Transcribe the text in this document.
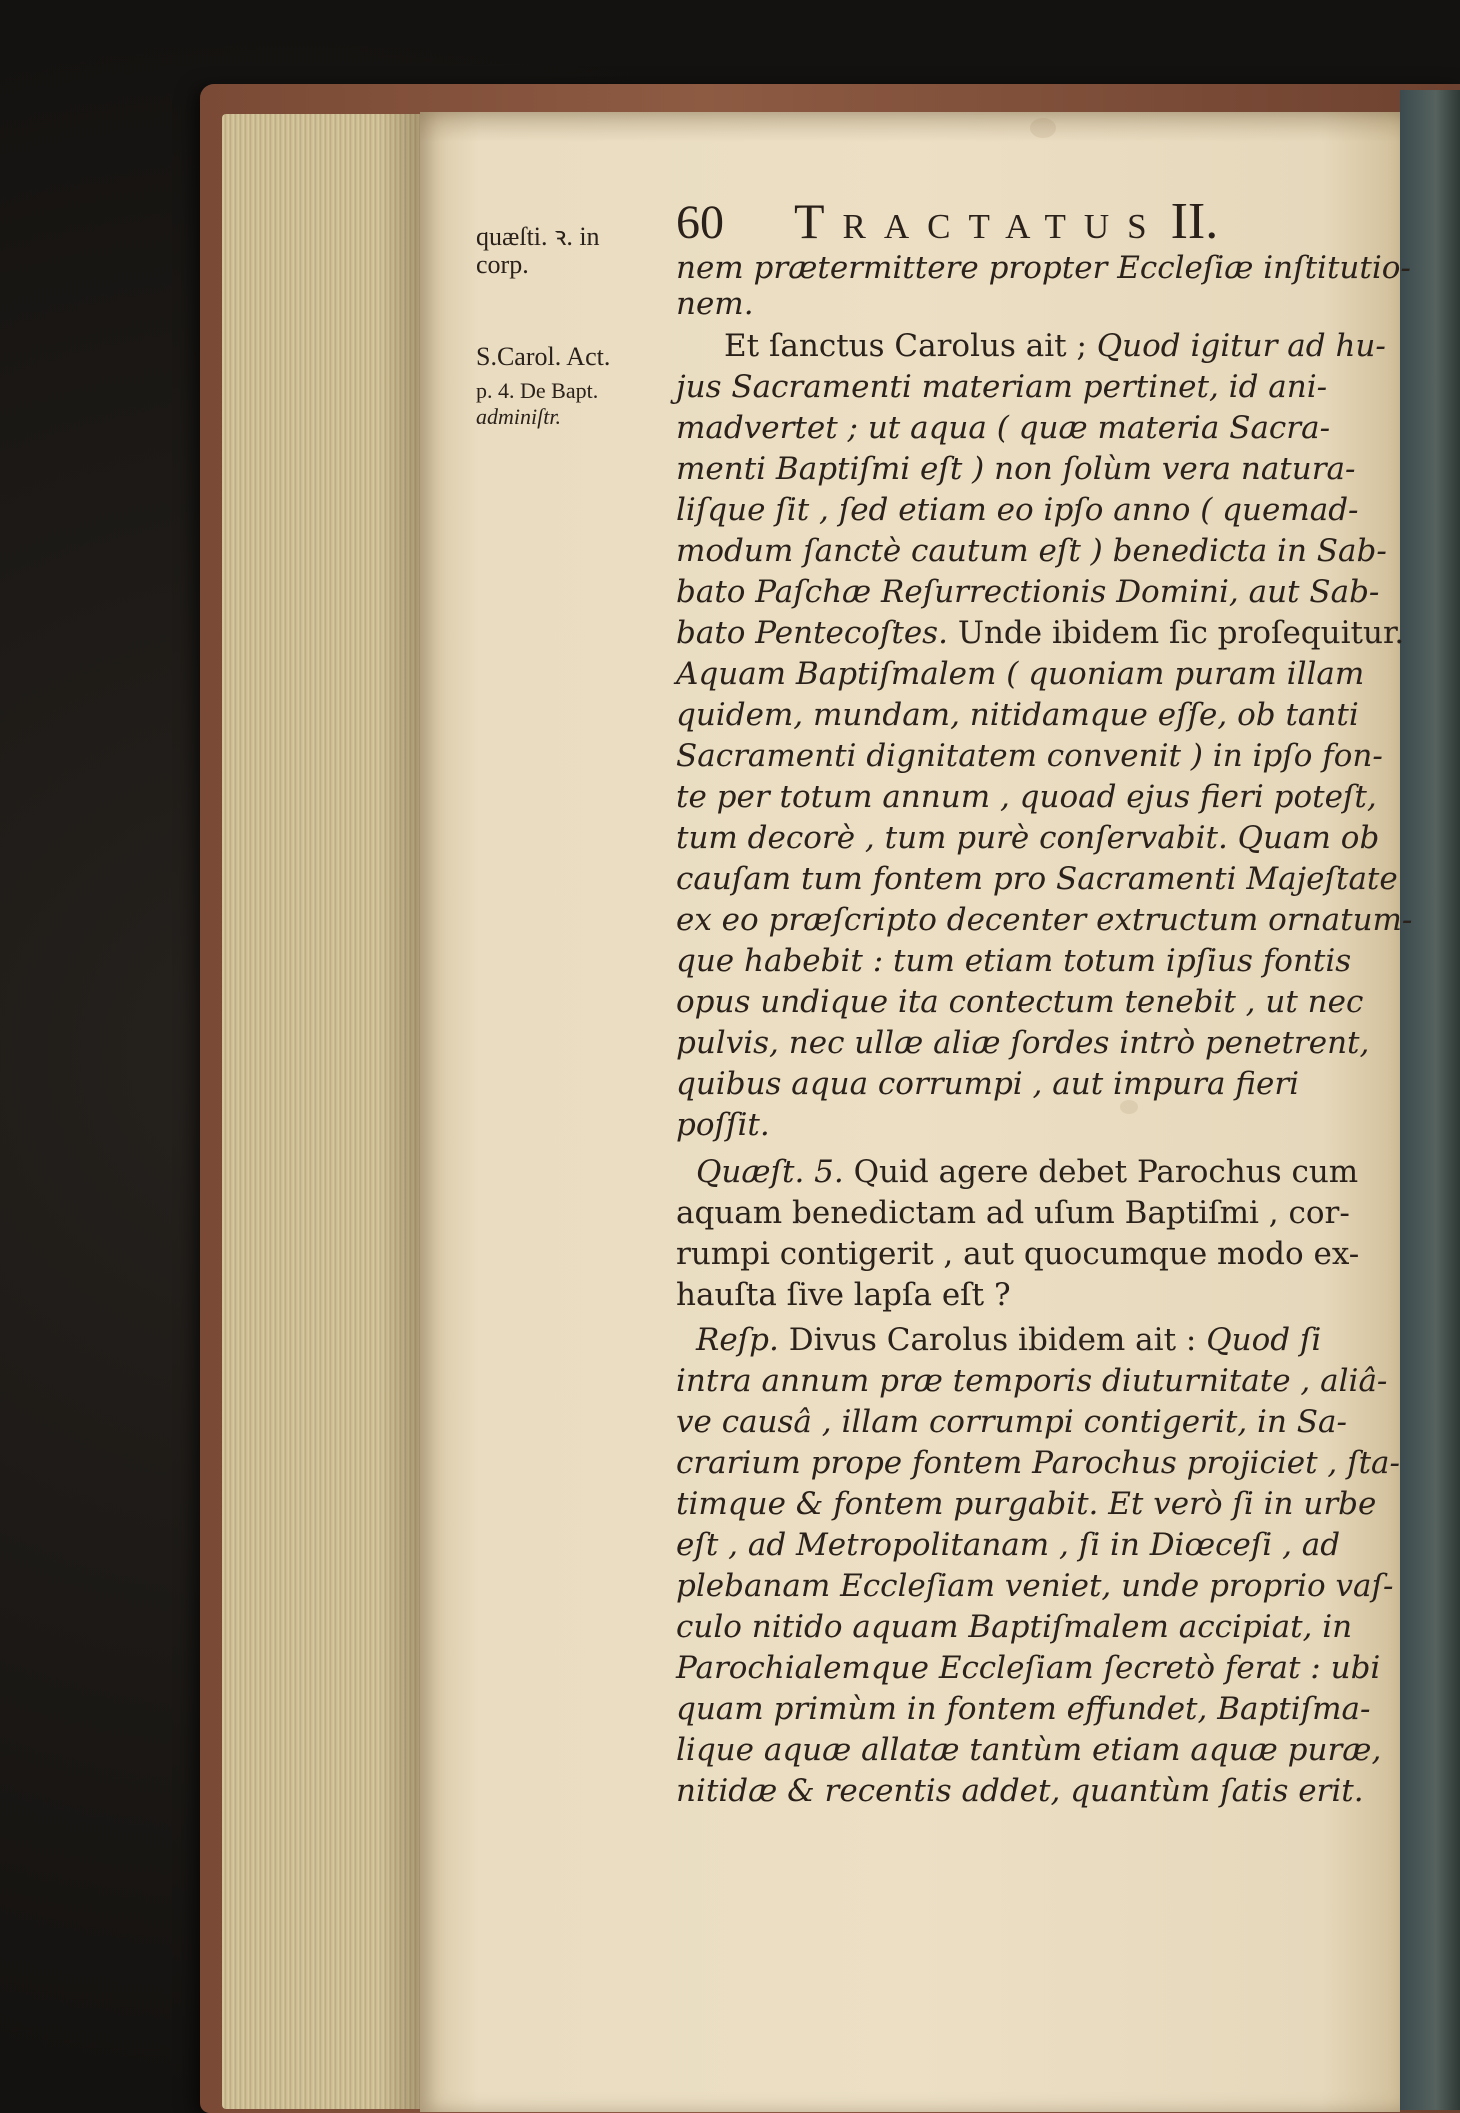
quæſti. ꝛ. in
corp.
S.Carol. Act.
p. 4. De Bapt.
adminiſtr.
60	Tractatus II.
nem prætermittere propter Eccleſiæ inſtitutio-
nem.
Et ſanctus Carolus ait ; Quod igitur ad hu-
jus Sacramenti materiam pertinet, id ani-
madvertet ; ut aqua ( quæ materia Sacra-
menti Baptiſmi eſt ) non ſolùm vera natura-
liſque ſit , ſed etiam eo ipſo anno ( quemad-
modum ſanctè cautum eſt ) benedicta in Sab-
bato Paſchæ Reſurrectionis Domini, aut Sab-
bato Pentecoſtes. Unde ibidem ſic proſequitur.
Aquam Baptiſmalem ( quoniam puram illam
quidem, mundam, nitidamque eſſe, ob tanti
Sacramenti dignitatem convenit ) in ipſo fon-
te per totum annum , quoad ejus fieri poteſt,
tum decorè , tum purè conſervabit. Quam ob
cauſam tum fontem pro Sacramenti Majeſtate
ex eo præſcripto decenter extructum ornatum-
que habebit : tum etiam totum ipſius fontis
opus undique ita contectum tenebit , ut nec
pulvis, nec ullæ aliæ ſordes intrò penetrent,
quibus aqua corrumpi , aut impura fieri
poſſit.
Quæſt. 5. Quid agere debet Parochus cum
aquam benedictam ad uſum Baptiſmi , cor-
rumpi contigerit , aut quocumque modo ex-
hauſta ſive lapſa eſt ?
Reſp. Divus Carolus ibidem ait : Quod ſi
intra annum præ temporis diuturnitate , aliâ-
ve causâ , illam corrumpi contigerit, in Sa-
crarium prope fontem Parochus projiciet , ſta-
timque & fontem purgabit. Et verò ſi in urbe
eſt , ad Metropolitanam , ſi in Diœceſi , ad
plebanam Eccleſiam veniet, unde proprio vaſ-
culo nitido aquam Baptiſmalem accipiat, in
Parochialemque Eccleſiam ſecretò ferat : ubi
quam primùm in fontem effundet, Baptiſma-
lique aquæ allatæ tantùm etiam aquæ puræ,
nitidæ & recentis addet, quantùm ſatis erit.
